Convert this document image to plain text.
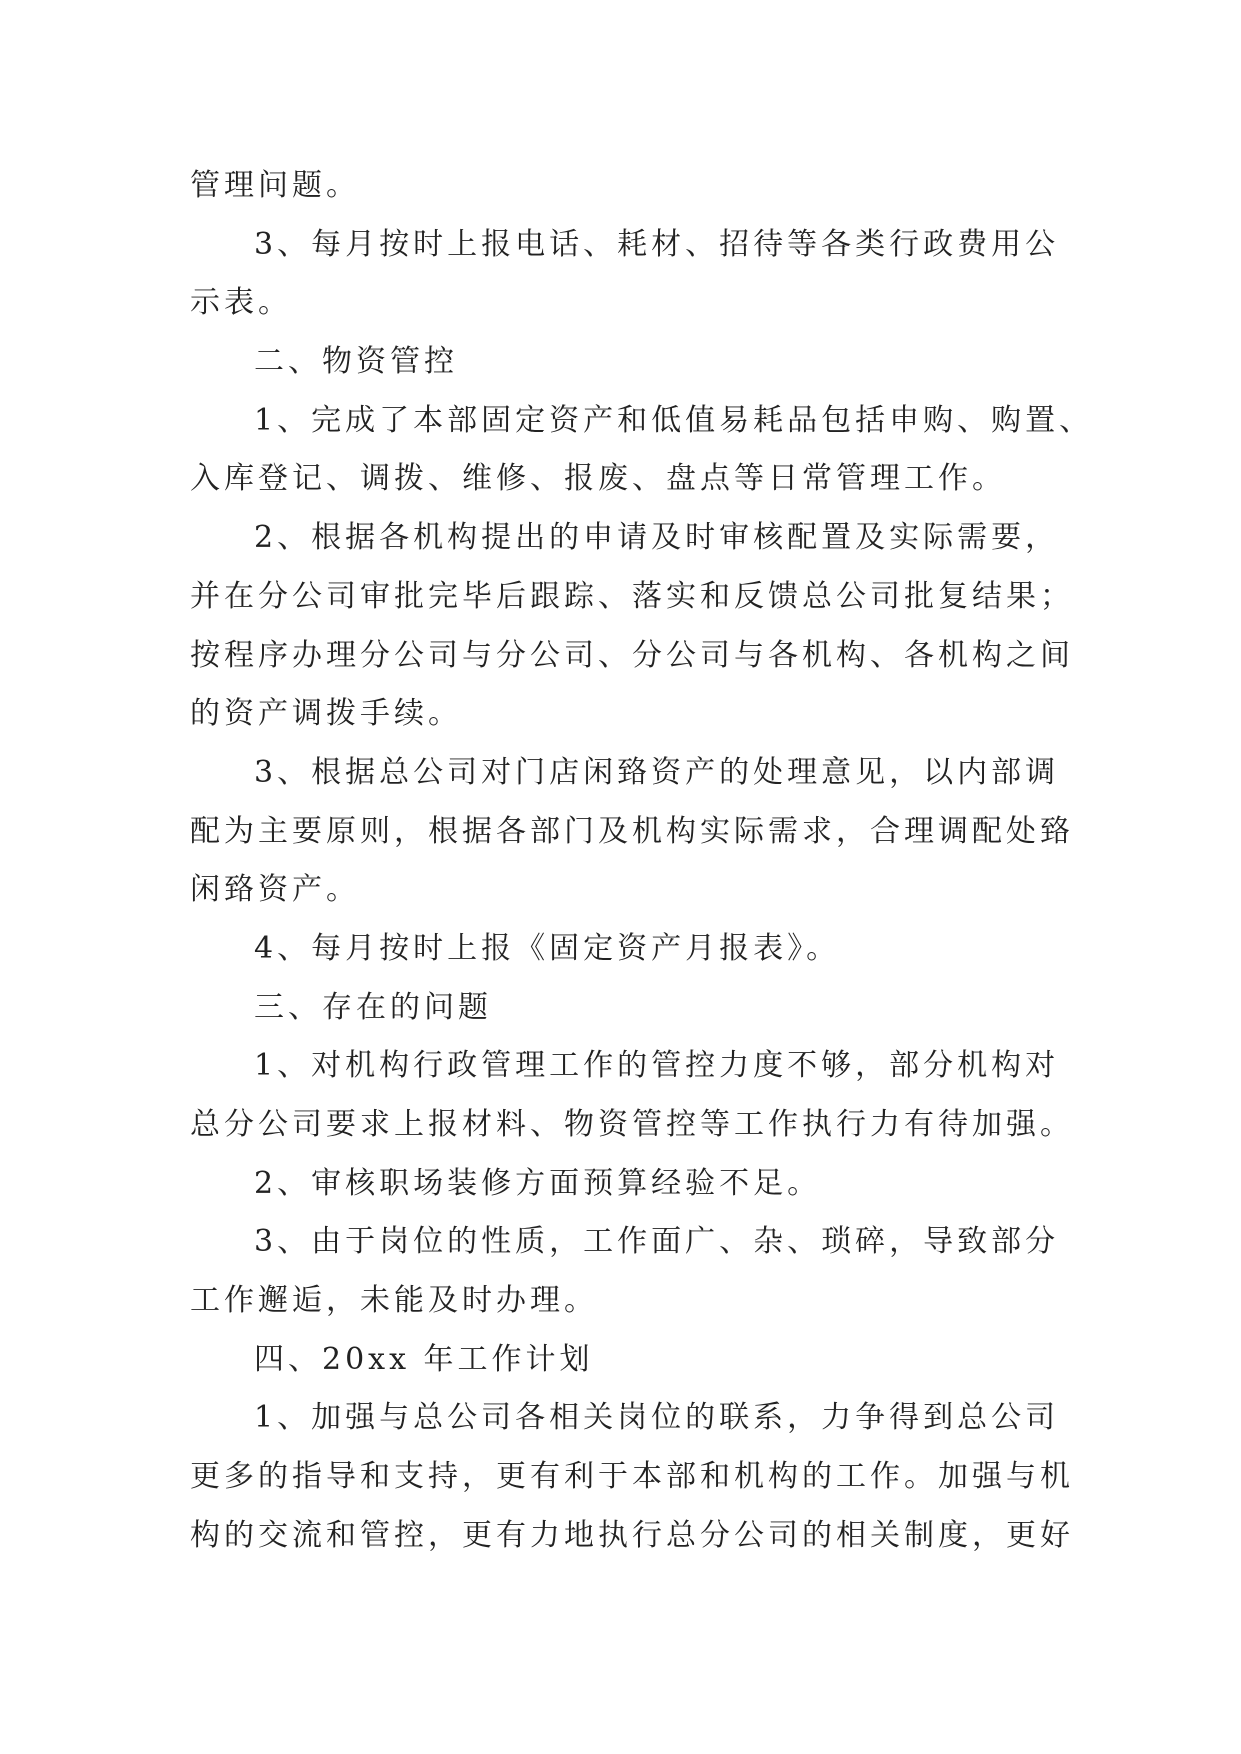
管理问题。
3、每月按时上报电话、耗材、招待等各类行政费用公
示表。
二、物资管控
1、完成了本部固定资产和低值易耗品包括申购、购置、
入库登记、调拨、维修、报废、盘点等日常管理工作。
2、根据各机构提出的申请及时审核配置及实际需要，
并在分公司审批完毕后跟踪、落实和反馈总公司批复结果；
按程序办理分公司与分公司、分公司与各机构、各机构之间
的资产调拨手续。
3、根据总公司对门店闲臵资产的处理意见，以内部调
配为主要原则，根据各部门及机构实际需求，合理调配处臵
闲臵资产。
4、每月按时上报《固定资产月报表》。
三、存在的问题
1、对机构行政管理工作的管控力度不够，部分机构对
总分公司要求上报材料、物资管控等工作执行力有待加强。
2、审核职场装修方面预算经验不足。
3、由于岗位的性质，工作面广、杂、琐碎，导致部分
工作邂逅，未能及时办理。
四、20xx 年工作计划
1、加强与总公司各相关岗位的联系，力争得到总公司
更多的指导和支持，更有利于本部和机构的工作。加强与机
构的交流和管控，更有力地执行总分公司的相关制度，更好
